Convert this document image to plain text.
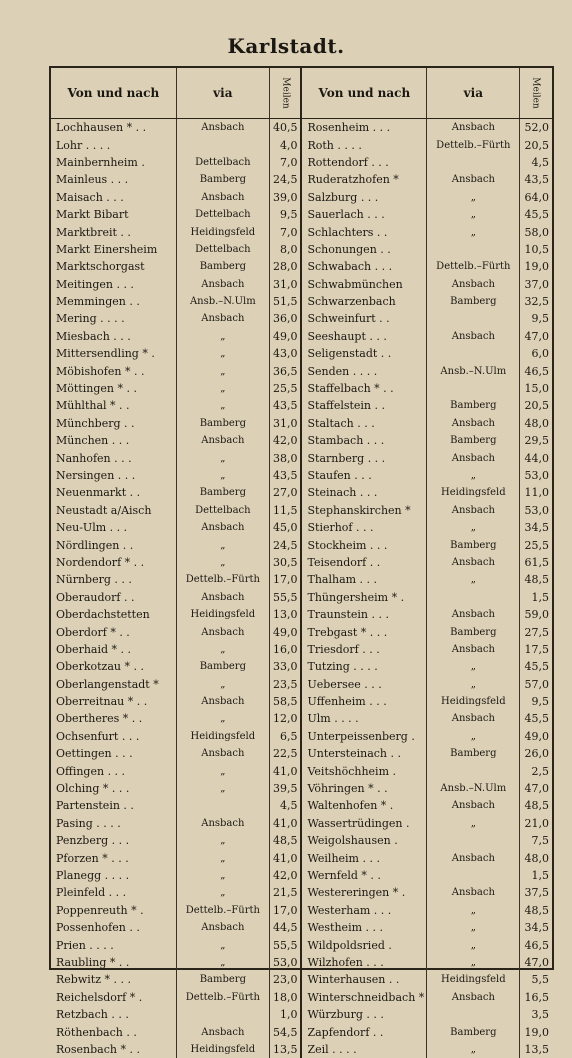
Karlstadt.
Von und nach	via	Meilen	Von und nach	via	Meilen
Lochhausen * . .	Ansbach	40,5	Rosenheim . . .	Ansbach	52,0
Lohr . . . .		4,0	Roth . . . .	Dettelb.–Fürth	20,5
Mainbernheim .	Dettelbach	7,0	Rottendorf . . .		4,5
Mainleus . . .	Bamberg	24,5	Ruderatzhofen *	Ansbach	43,5
Maisach . . .	Ansbach	39,0	Salzburg . . .	„	64,0
Markt Bibart	Dettelbach	9,5	Sauerlach . . .	„	45,5
Marktbreit . .	Heidingsfeld	7,0	Schlachters . .	„	58,0
Markt Einersheim	Dettelbach	8,0	Schonungen . .		10,5
Marktschorgast	Bamberg	28,0	Schwabach . . .	Dettelb.–Fürth	19,0
Meitingen . . .	Ansbach	31,0	Schwabmünchen	Ansbach	37,0
Memmingen . .	Ansb.–N.Ulm	51,5	Schwarzenbach	Bamberg	32,5
Mering . . . .	Ansbach	36,0	Schweinfurt . .		9,5
Miesbach . . .	„	49,0	Seeshaupt . . .	Ansbach	47,0
Mittersendling * .	„	43,0	Seligenstadt . .		6,0
Möbishofen * . .	„	36,5	Senden . . . .	Ansb.–N.Ulm	46,5
Möttingen * . .	„	25,5	Staffelbach * . .		15,0
Mühlthal * . .	„	43,5	Staffelstein . .	Bamberg	20,5
Münchberg . .	Bamberg	31,0	Staltach . . .	Ansbach	48,0
München . . .	Ansbach	42,0	Stambach . . .	Bamberg	29,5
Nanhofen . . .	„	38,0	Starnberg . . .	Ansbach	44,0
Nersingen . . .	„	43,5	Staufen . . .	„	53,0
Neuenmarkt . .	Bamberg	27,0	Steinach . . .	Heidingsfeld	11,0
Neustadt a/Aisch	Dettelbach	11,5	Stephanskirchen *	Ansbach	53,0
Neu-Ulm . . .	Ansbach	45,0	Stierhof . . .	„	34,5
Nördlingen . .	„	24,5	Stockheim . . .	Bamberg	25,5
Nordendorf * . .	„	30,5	Teisendorf . .	Ansbach	61,5
Nürnberg . . .	Dettelb.–Fürth	17,0	Thalham . . .	„	48,5
Oberaudorf . .	Ansbach	55,5	Thüngersheim * .		1,5
Oberdachstetten	Heidingsfeld	13,0	Traunstein . . .	Ansbach	59,0
Oberdorf * . .	Ansbach	49,0	Trebgast * . . .	Bamberg	27,5
Oberhaid * . .	„	16,0	Triesdorf . . .	Ansbach	17,5
Oberkotzau * . .	Bamberg	33,0	Tutzing . . . .	„	45,5
Oberlangenstadt *	„	23,5	Uebersee . . .	„	57,0
Oberreitnau * . .	Ansbach	58,5	Uffenheim . . .	Heidingsfeld	9,5
Obertheres * . .	„	12,0	Ulm . . . .	Ansbach	45,5
Ochsenfurt . . .	Heidingsfeld	6,5	Unterpeissenberg .	„	49,0
Oettingen . . .	Ansbach	22,5	Untersteinach . .	Bamberg	26,0
Offingen . . .	„	41,0	Veitshöchheim .		2,5
Olching * . . .	„	39,5	Vöhringen * . .	Ansb.–N.Ulm	47,0
Partenstein . .		4,5	Waltenhofen * .	Ansbach	48,5
Pasing . . . .	Ansbach	41,0	Wassertrüdingen .	„	21,0
Penzberg . . .	„	48,5	Weigolshausen .		7,5
Pforzen * . . .	„	41,0	Weilheim . . .	Ansbach	48,0
Planegg . . . .	„	42,0	Wernfeld * . .		1,5
Pleinfeld . . .	„	21,5	Westereringen * .	Ansbach	37,5
Poppenreuth * .	Dettelb.–Fürth	17,0	Westerham . . .	„	48,5
Possenhofen . .	Ansbach	44,5	Westheim . . .	„	34,5
Prien . . . .	„	55,5	Wildpoldsried .	„	46,5
Raubling * . .	„	53,0	Wilzhofen . . .	„	47,0
Rebwitz * . . .	Bamberg	23,0	Winterhausen . .	Heidingsfeld	5,5
Reichelsdorf * .	Dettelb.–Fürth	18,0	Winterschneidbach *	Ansbach	16,5
Retzbach . . .		1,0	Würzburg . . .		3,5
Röthenbach . .	Ansbach	54,5	Zapfendorf . .	Bamberg	19,0
Rosenbach * . .	Heidingsfeld	13,5	Zeil . . . .	„	13,5
